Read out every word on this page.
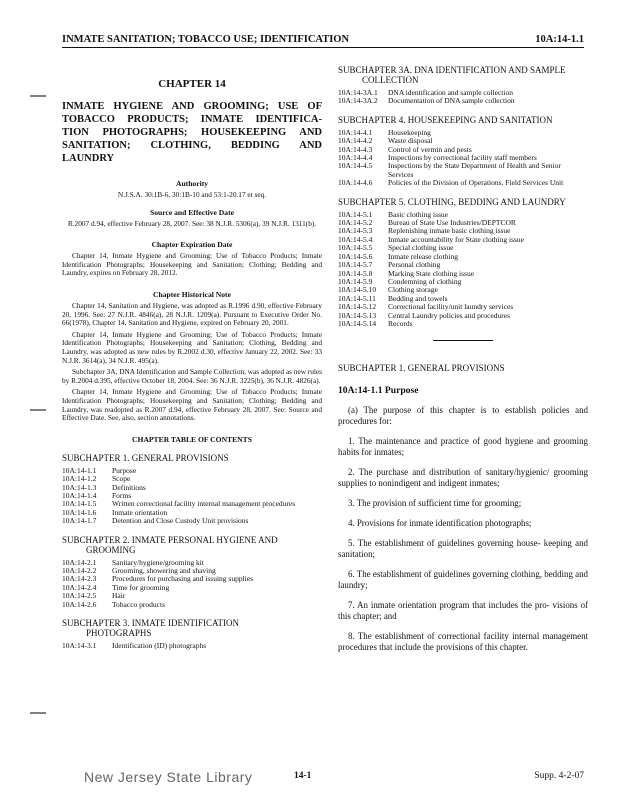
INMATE SANITATION; TOBACCO USE; IDENTIFICATION	10A:14-1.1
CHAPTER 14
INMATE HYGIENE AND GROOMING; USE OF TOBACCO PRODUCTS; INMATE IDENTIFICA- TION PHOTOGRAPHS; HOUSEKEEPING AND SANITATION; CLOTHING, BEDDING AND LAUNDRY
Authority
N.J.S.A. 30:1B-6, 30:1B-10 and 53:1-20.17 et seq.
Source and Effective Date
R.2007 d.94, effective February 28, 2007. See: 38 N.J.R. 5306(a), 39 N.J.R. 1311(b).
Chapter Expiration Date
Chapter 14, Inmate Hygiene and Grooming; Use of Tobacco Products; Inmate Identification Photographs; Housekeeping and Sanitation; Clothing; Bedding and Laundry, expires on February 28, 2012.
Chapter Historical Note
Chapter 14, Sanitation and Hygiene, was adopted as R.1996 d.90, effective February 20, 1996. See: 27 N.J.R. 4846(a), 28 N.J.R. 1209(a). Pursuant to Executive Order No. 66(1978), Chapter 14, Sanitation and Hygiene, expired on February 20, 2001.
Chapter 14, Inmate Hygiene and Grooming; Use of Tobacco Products; Inmate Identification Photographs; Housekeeping and Sanitation; Clothing, Bedding and Laundry, was adopted as new rules by R.2002 d.30, effective January 22, 2002. See: 33 N.J.R. 3614(a), 34 N.J.R. 495(a).
Subchapter 3A, DNA Identification and Sample Collection, was adopted as new rules by R.2004 d.395, effective October 18, 2004. See: 36 N.J.R. 3225(b), 36 N.J.R. 4826(a).
Chapter 14, Inmate Hygiene and Grooming; Use of Tobacco Products; Inmate Identification Photographs; Housekeeping and Sanitation; Clothing; Bedding and Laundry, was readopted as R.2007 d.94, effective February 28, 2007. See: Source and Effective Date. See, also, section annotations.
CHAPTER TABLE OF CONTENTS
SUBCHAPTER 1. GENERAL PROVISIONS
10A:14-1.1	Purpose
10A:14-1.2	Scope
10A:14-1.3	Definitions
10A:14-1.4	Forms
10A:14-1.5	Written correctional facility internal management procedures
10A:14-1.6	Inmate orientation
10A:14-1.7	Detention and Close Custody Unit provisions
SUBCHAPTER 2. INMATE PERSONAL HYGIENE AND
GROOMING
10A:14-2.1	Sanitary/hygiene/grooming kit
10A:14-2.2	Grooming, showering and shaving
10A:14-2.3	Procedures for purchasing and issuing supplies
10A:14-2.4	Time for grooming
10A:14-2.5	Hair
10A:14-2.6	Tobacco products
SUBCHAPTER 3. INMATE IDENTIFICATION
PHOTOGRAPHS
10A:14-3.1	Identification (ID) photographs
SUBCHAPTER 3A. DNA IDENTIFICATION AND SAMPLE
COLLECTION
10A:14-3A.1	DNA identification and sample collection
10A:14-3A.2	Documentation of DNA sample collection
SUBCHAPTER 4. HOUSEKEEPING AND SANITATION
10A:14-4.1	Housekeeping
10A:14-4.2	Waste disposal
10A:14-4.3	Control of vermin and pests
10A:14-4.4	Inspections by correctional facility staff members
10A:14-4.5	Inspections by the State Department of Health and Senior Services
10A:14-4.6	Policies of the Division of Operations, Field Services Unit
SUBCHAPTER 5. CLOTHING, BEDDING AND LAUNDRY
10A:14-5.1	Basic clothing issue
10A:14-5.2	Bureau of State Use Industries/DEPTCOR
10A:14-5.3	Replenishing inmate basic clothing issue
10A:14-5.4	Inmate accountability for State clothing issue
10A:14-5.5	Special clothing issue
10A:14-5.6	Inmate release clothing
10A:14-5.7	Personal clothing
10A:14-5.8	Marking State clothing issue
10A:14-5.9	Condemning of clothing
10A:14-5.10	Clothing storage
10A:14-5.11	Bedding and towels
10A:14-5.12	Correctional facility/unit laundry services
10A:14-5.13	Central Laundry policies and procedures
10A:14-5.14	Records
SUBCHAPTER 1. GENERAL PROVISIONS
10A:14-1.1 Purpose
(a) The purpose of this chapter is to establish policies and procedures for:
1. The maintenance and practice of good hygiene and grooming habits for inmates;
2. The purchase and distribution of sanitary/hygienic/ grooming supplies to nonindigent and indigent inmates;
3. The provision of sufficient time for grooming;
4. Provisions for inmate identification photographs;
5. The establishment of guidelines governing house- keeping and sanitation;
6. The establishment of guidelines governing clothing, bedding and laundry;
7. An inmate orientation program that includes the pro- visions of this chapter; and
8. The establishment of correctional facility internal management procedures that include the provisions of this chapter.
New Jersey State Library	14-1	Supp. 4-2-07
